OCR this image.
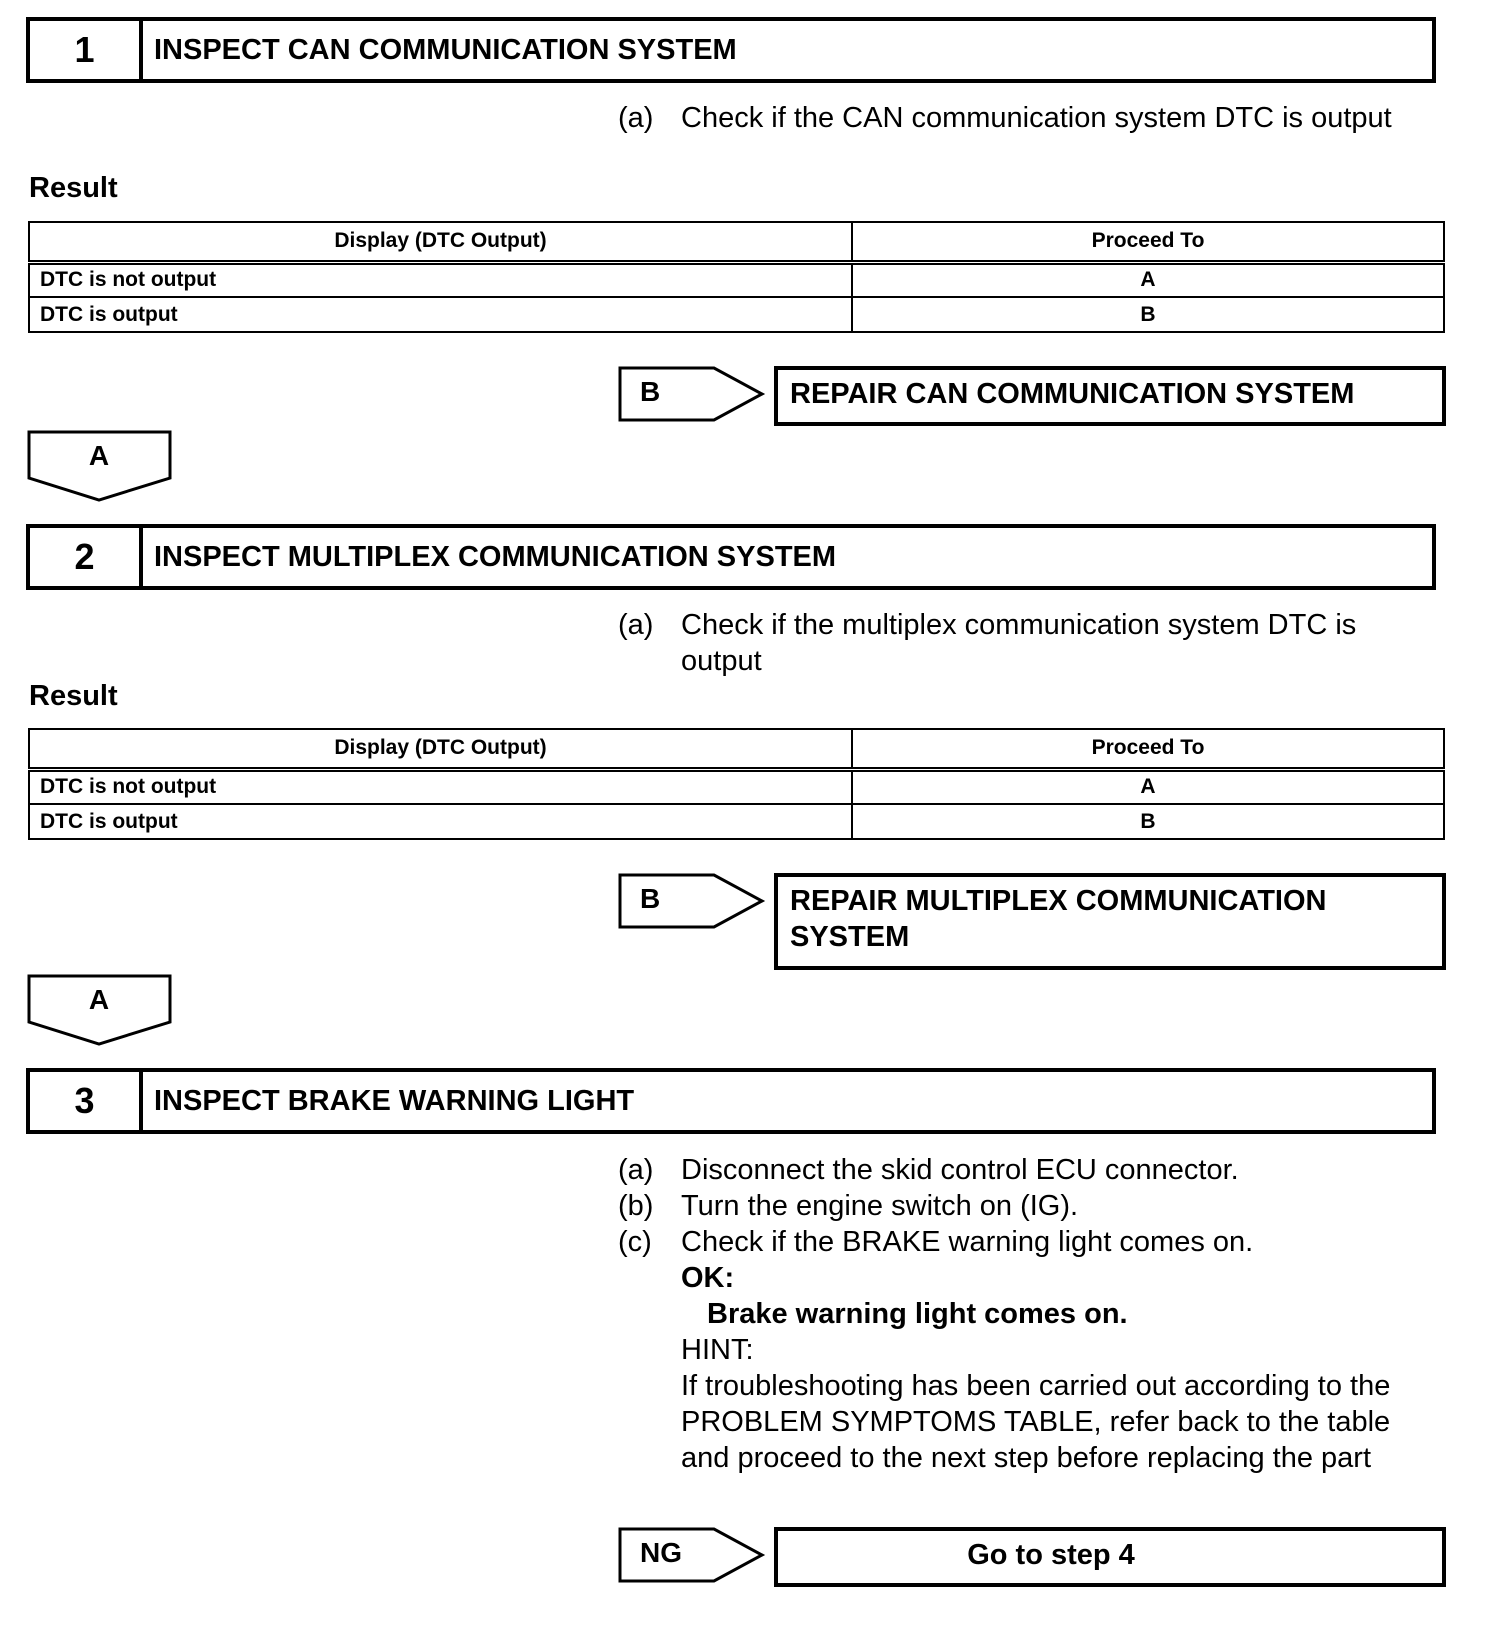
1	INSPECT CAN COMMUNICATION SYSTEM
(a) Check if the CAN communication system DTC is output
Result
Display (DTC Output)	Proceed To
DTC is not output	A
DTC is output	B
B	REPAIR CAN COMMUNICATION SYSTEM
A
2	INSPECT MULTIPLEX COMMUNICATION SYSTEM
(a) Check if the multiplex communication system DTC is output
Result
Display (DTC Output)	Proceed To
DTC is not output	A
DTC is output	B
B	REPAIR MULTIPLEX COMMUNICATION SYSTEM
A
3	INSPECT BRAKE WARNING LIGHT
(a) Disconnect the skid control ECU connector.
(b) Turn the engine switch on (IG).
(c)	Check if the BRAKE warning light comes on.
OK:
Brake warning light comes on.
HINT:
If troubleshooting has been carried out according to the PROBLEM SYMPTOMS TABLE, refer back to the table and proceed to the next step before replacing the part
NG	Go to step 4
